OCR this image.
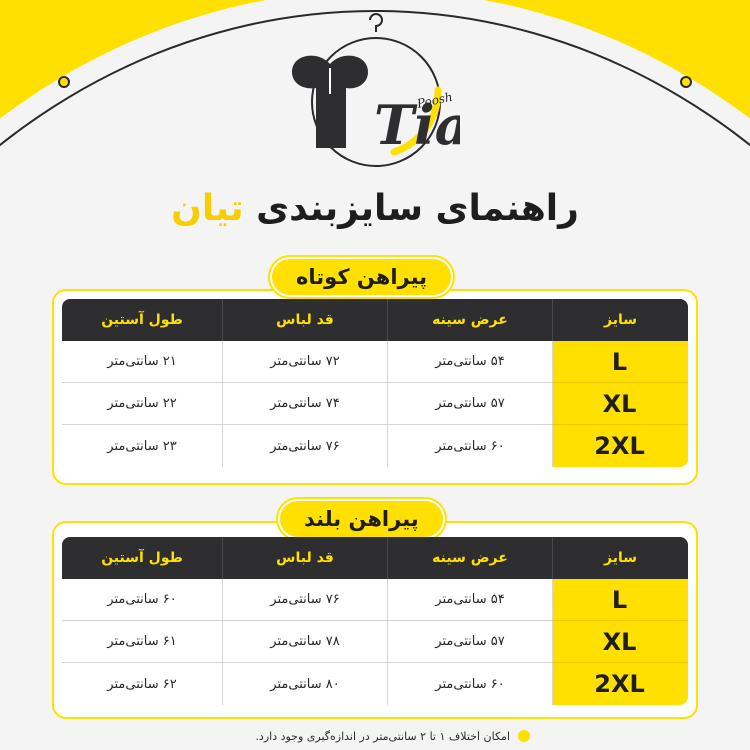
Ti
Poosh
راهنمای سایزبندی تیان
پیراهن کوتاه
سایز	عرض سینه	قد لباس	طول آستین
L	۵۴ سانتی‌متر	۷۲ سانتی‌متر	۲۱ سانتی‌متر
XL	۵۷ سانتی‌متر	۷۴ سانتی‌متر	۲۲ سانتی‌متر
2XL	۶۰ سانتی‌متر	۷۶ سانتی‌متر	۲۳ سانتی‌متر
پیراهن بلند
سایز	عرض سینه	قد لباس	طول آستین
L	۵۴ سانتی‌متر	۷۶ سانتی‌متر	۶۰ سانتی‌متر
XL	۵۷ سانتی‌متر	۷۸ سانتی‌متر	۶۱ سانتی‌متر
2XL	۶۰ سانتی‌متر	۸۰ سانتی‌متر	۶۲ سانتی‌متر
امکان اختلاف ۱ تا ۲ سانتی‌متر در اندازه‌گیری وجود دارد.
